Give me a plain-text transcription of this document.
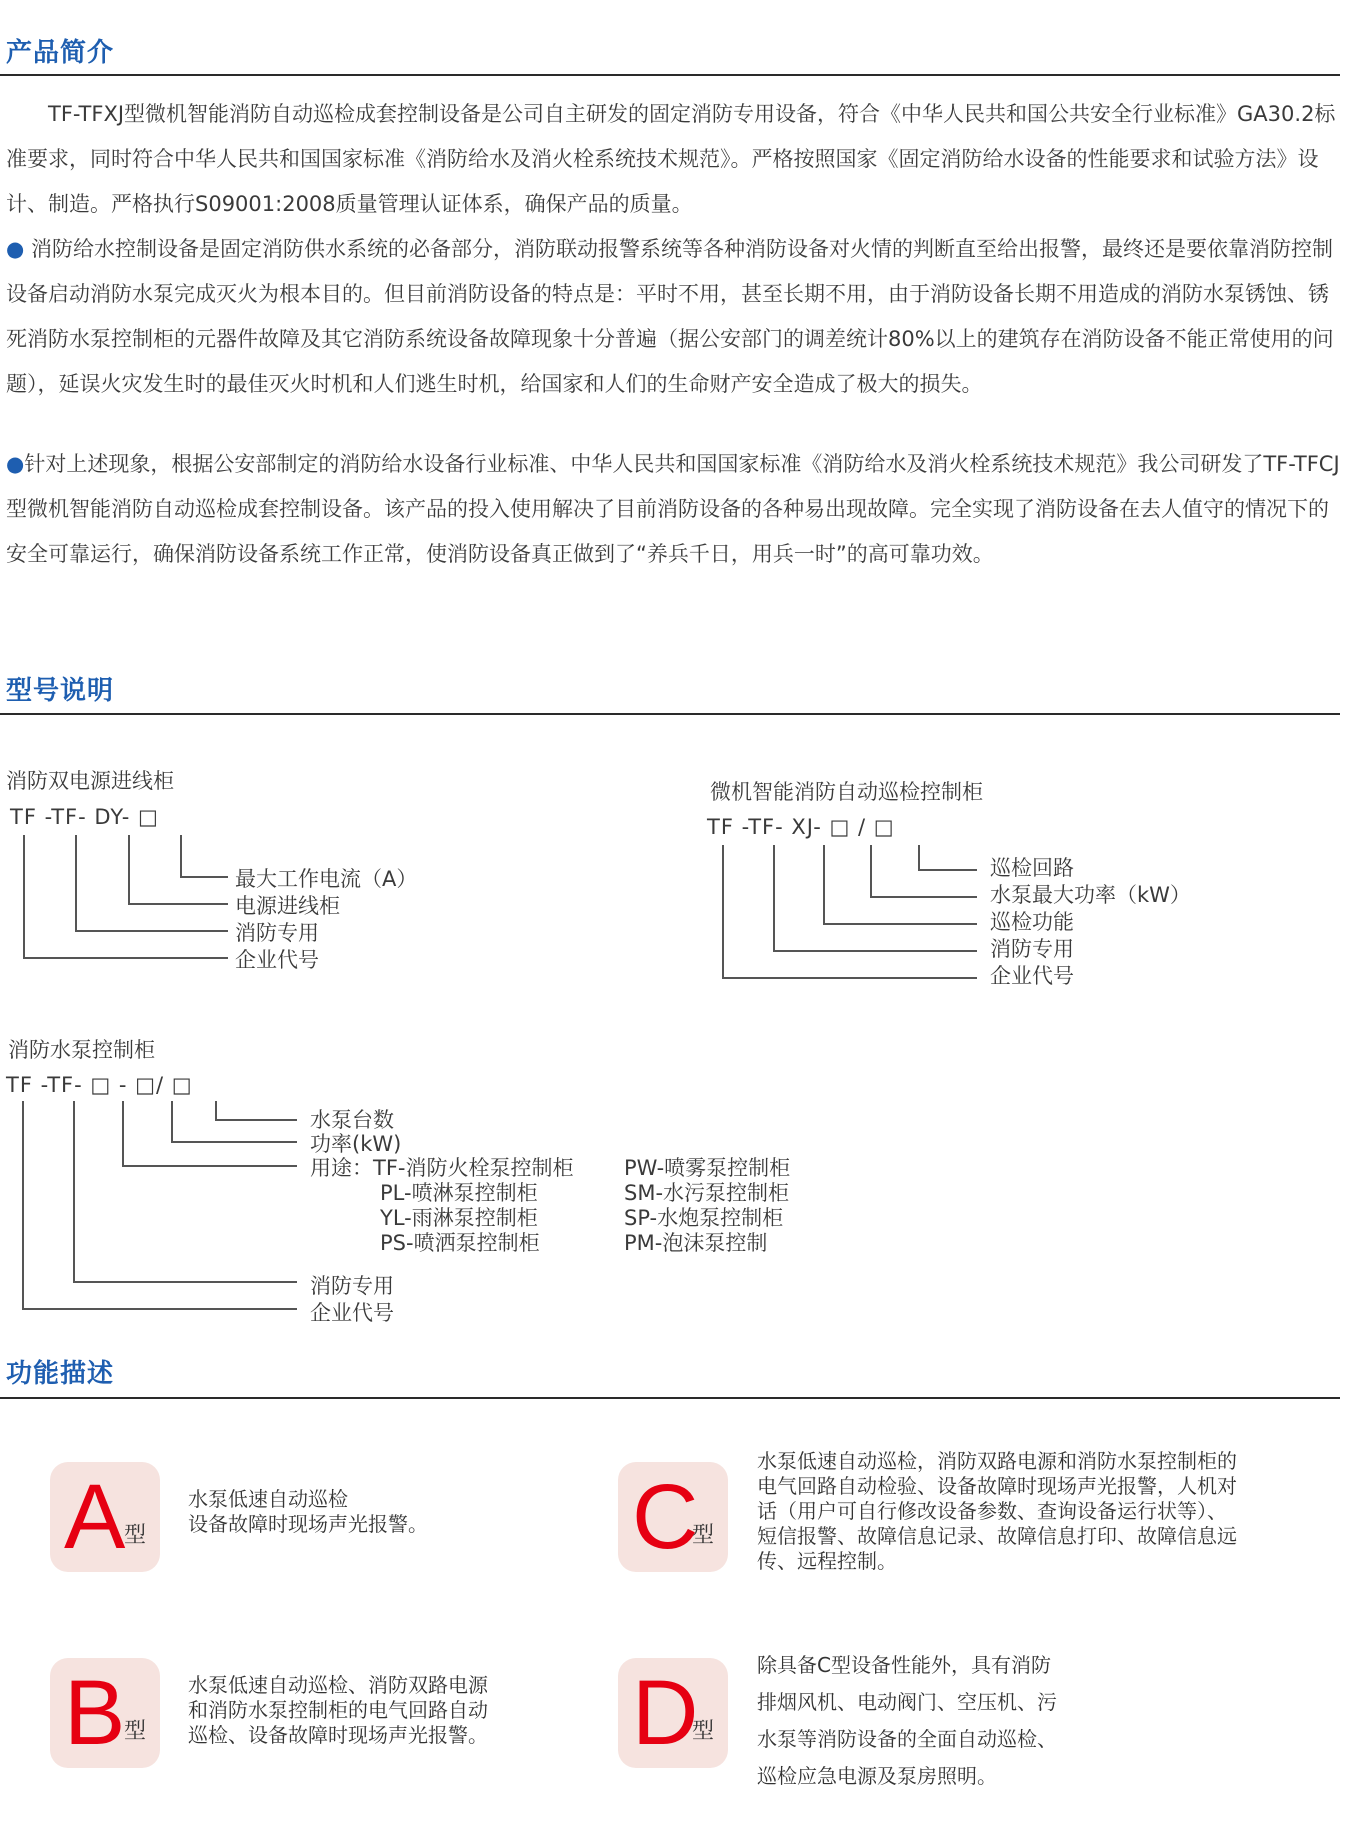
产品简介
TF-TFXJ型微机智能消防自动巡检成套控制设备是公司自主研发的固定消防专用设备，符合《中华人民共和国公共安全行业标准》GA30.2标准要求，同时符合中华人民共和国国家标准《消防给水及消火栓系统技术规范》。严格按照国家《固定消防给水设备的性能要求和试验方法》设计、制造。严格执行S09001:2008质量管理认证体系，确保产品的质量。
● 消防给水控制设备是固定消防供水系统的必备部分，消防联动报警系统等各种消防设备对火情的判断直至给出报警，最终还是要依靠消防控制设备启动消防水泵完成灭火为根本目的。但目前消防设备的特点是：平时不用，甚至长期不用，由于消防设备长期不用造成的消防水泵锈蚀、锈死消防水泵控制柜的元器件故障及其它消防系统设备故障现象十分普遍（据公安部门的调差统计80%以上的建筑存在消防设备不能正常使用的问题），延误火灾发生时的最佳灭火时机和人们逃生时机，给国家和人们的生命财产安全造成了极大的损失。
●针对上述现象，根据公安部制定的消防给水设备行业标准、中华人民共和国国家标准《消防给水及消火栓系统技术规范》我公司研发了TF-TFCJ型微机智能消防自动巡检成套控制设备。该产品的投入使用解决了目前消防设备的各种易出现故障。完全实现了消防设备在去人值守的情况下的安全可靠运行，确保消防设备系统工作正常，使消防设备真正做到了“养兵千日，用兵一时”的高可靠功效。
型号说明
消防双电源进线柜
TF -TF- DY- □
最大工作电流（A）
电源进线柜
消防专用
企业代号
微机智能消防自动巡检控制柜
TF -TF- XJ- □ / □
巡检回路
水泵最大功率（kW）
巡检功能
消防专用
企业代号
消防水泵控制柜
TF -TF- □ - □/ □
水泵台数
功率(kW)
用途：TF-消防火栓泵控制柜
PL-喷淋泵控制柜
YL-雨淋泵控制柜
PS-喷洒泵控制柜
PW-喷雾泵控制柜
SM-水污泵控制柜
SP-水炮泵控制柜
PM-泡沫泵控制
消防专用
企业代号
功能描述
A
型
水泵低速自动巡检
设备故障时现场声光报警。 C
型
水泵低速自动巡检，消防双路电源和消防水泵控制柜的
电气回路自动检验、设备故障时现场声光报警，人机对
话（用户可自行修改设备参数、查询设备运行状等）、
短信报警、故障信息记录、故障信息打印、故障信息远
传、远程控制。
B
型
水泵低速自动巡检、消防双路电源
和消防水泵控制柜的电气回路自动
巡检、设备故障时现场声光报警。 D
型
除具备C型设备性能外，具有消防
排烟风机、电动阀门、空压机、污
水泵等消防设备的全面自动巡检、
巡检应急电源及泵房照明。
